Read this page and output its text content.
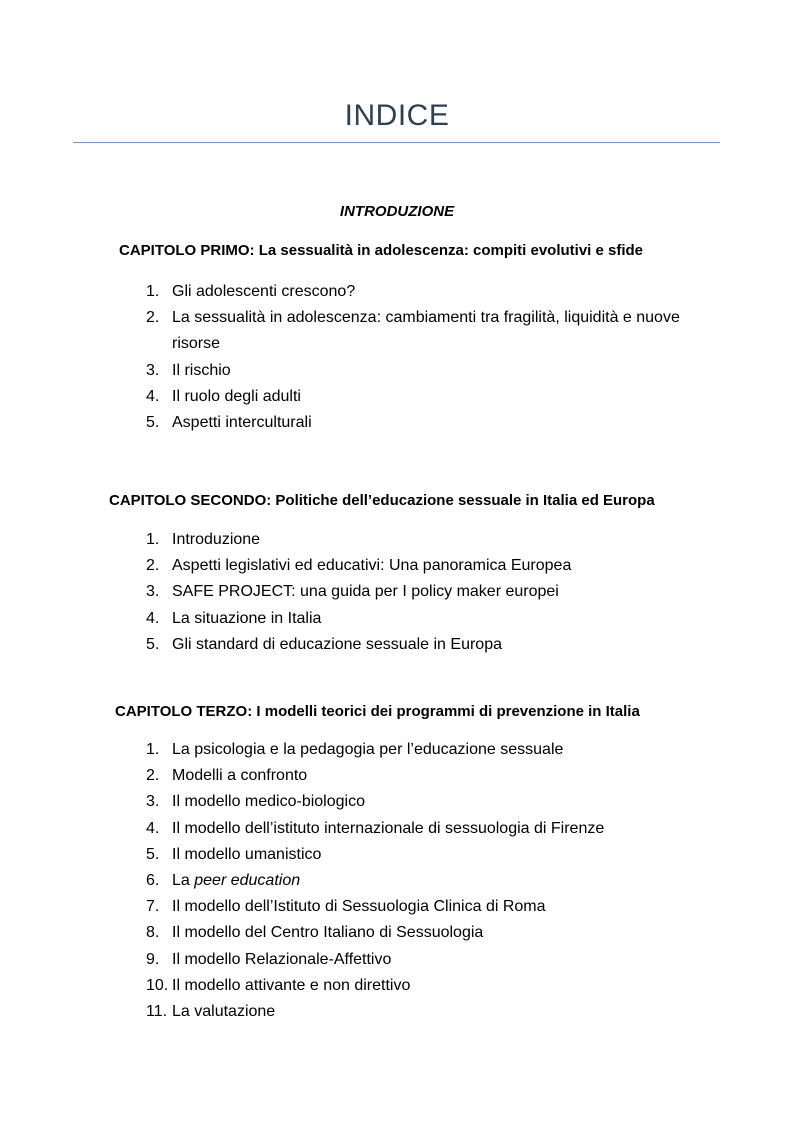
INDICE
INTRODUZIONE
CAPITOLO PRIMO: La sessualità in adolescenza: compiti evolutivi e sfide
1. Gli adolescenti crescono?
2. La sessualità in adolescenza: cambiamenti tra fragilità, liquidità e nuove risorse
3. Il rischio
4. Il ruolo degli adulti
5. Aspetti interculturali
CAPITOLO SECONDO: Politiche dell’educazione sessuale in Italia ed Europa
1. Introduzione
2. Aspetti legislativi ed educativi: Una panoramica Europea
3. SAFE PROJECT: una guida per I policy maker europei
4. La situazione in Italia
5. Gli standard di educazione sessuale in Europa
CAPITOLO TERZO: I modelli teorici dei programmi di prevenzione in Italia
1. La psicologia e la pedagogia per l’educazione sessuale
2. Modelli a confronto
3. Il modello medico-biologico
4. Il modello dell’istituto internazionale di sessuologia di Firenze
5. Il modello umanistico
6. La peer education
7. Il modello dell’Istituto di Sessuologia Clinica di Roma
8. Il modello del Centro Italiano di Sessuologia
9. Il modello Relazionale-Affettivo
10. Il modello attivante e non direttivo
11. La valutazione
